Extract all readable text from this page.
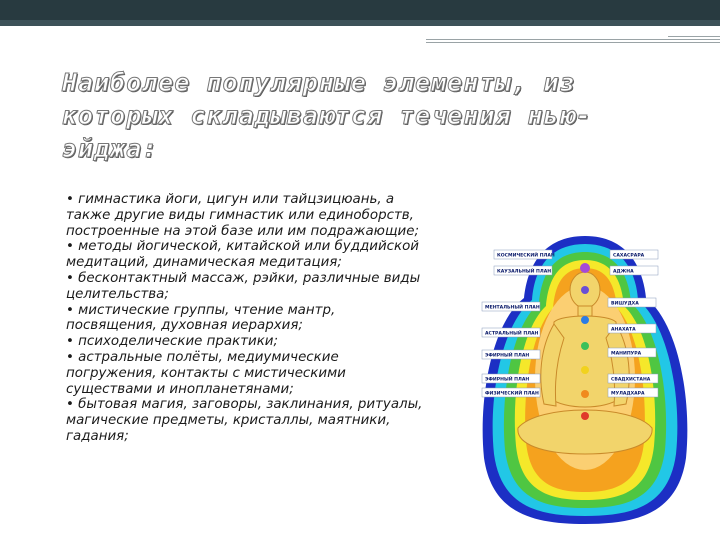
Наиболее популярные элементы, из которых складываются течения нью-эйджа:

• гимнастика йоги, цигун или тайцзицюань, а также другие виды гимнастик или единоборств, построенные на этой базе или им подражающие;

• методы йогической, китайской или буддийской медитаций, динамическая медитация;

• бесконтактный массаж, рэйки, различные виды целительства;

• мистические группы, чтение мантр, посвящения, духовная иерархия;

• психоделические практики;

• астральные полёты, медиумические погружения, контакты с мистическими существами и инопланетянами;

• бытовая магия, заговоры, заклинания, ритуалы, магические предметы, кристаллы, маятники, гадания;

КОСМИЧЕСКИЙ ПЛАН
КАУЗАЛЬНЫЙ ПЛАН
МЕНТАЛЬНЫЙ ПЛАН
АСТРАЛЬНЫЙ ПЛАН
ЭФИРНЫЙ ПЛАН
ЭФИРНЫЙ ПЛАН
ФИЗИЧЕСКИЙ ПЛАН
САХАСРАРА
АДЖНА
ВИШУДХА
АНАХАТА
МАНИПУРА
СВАДХИСТАНА
МУЛАДХАРА
